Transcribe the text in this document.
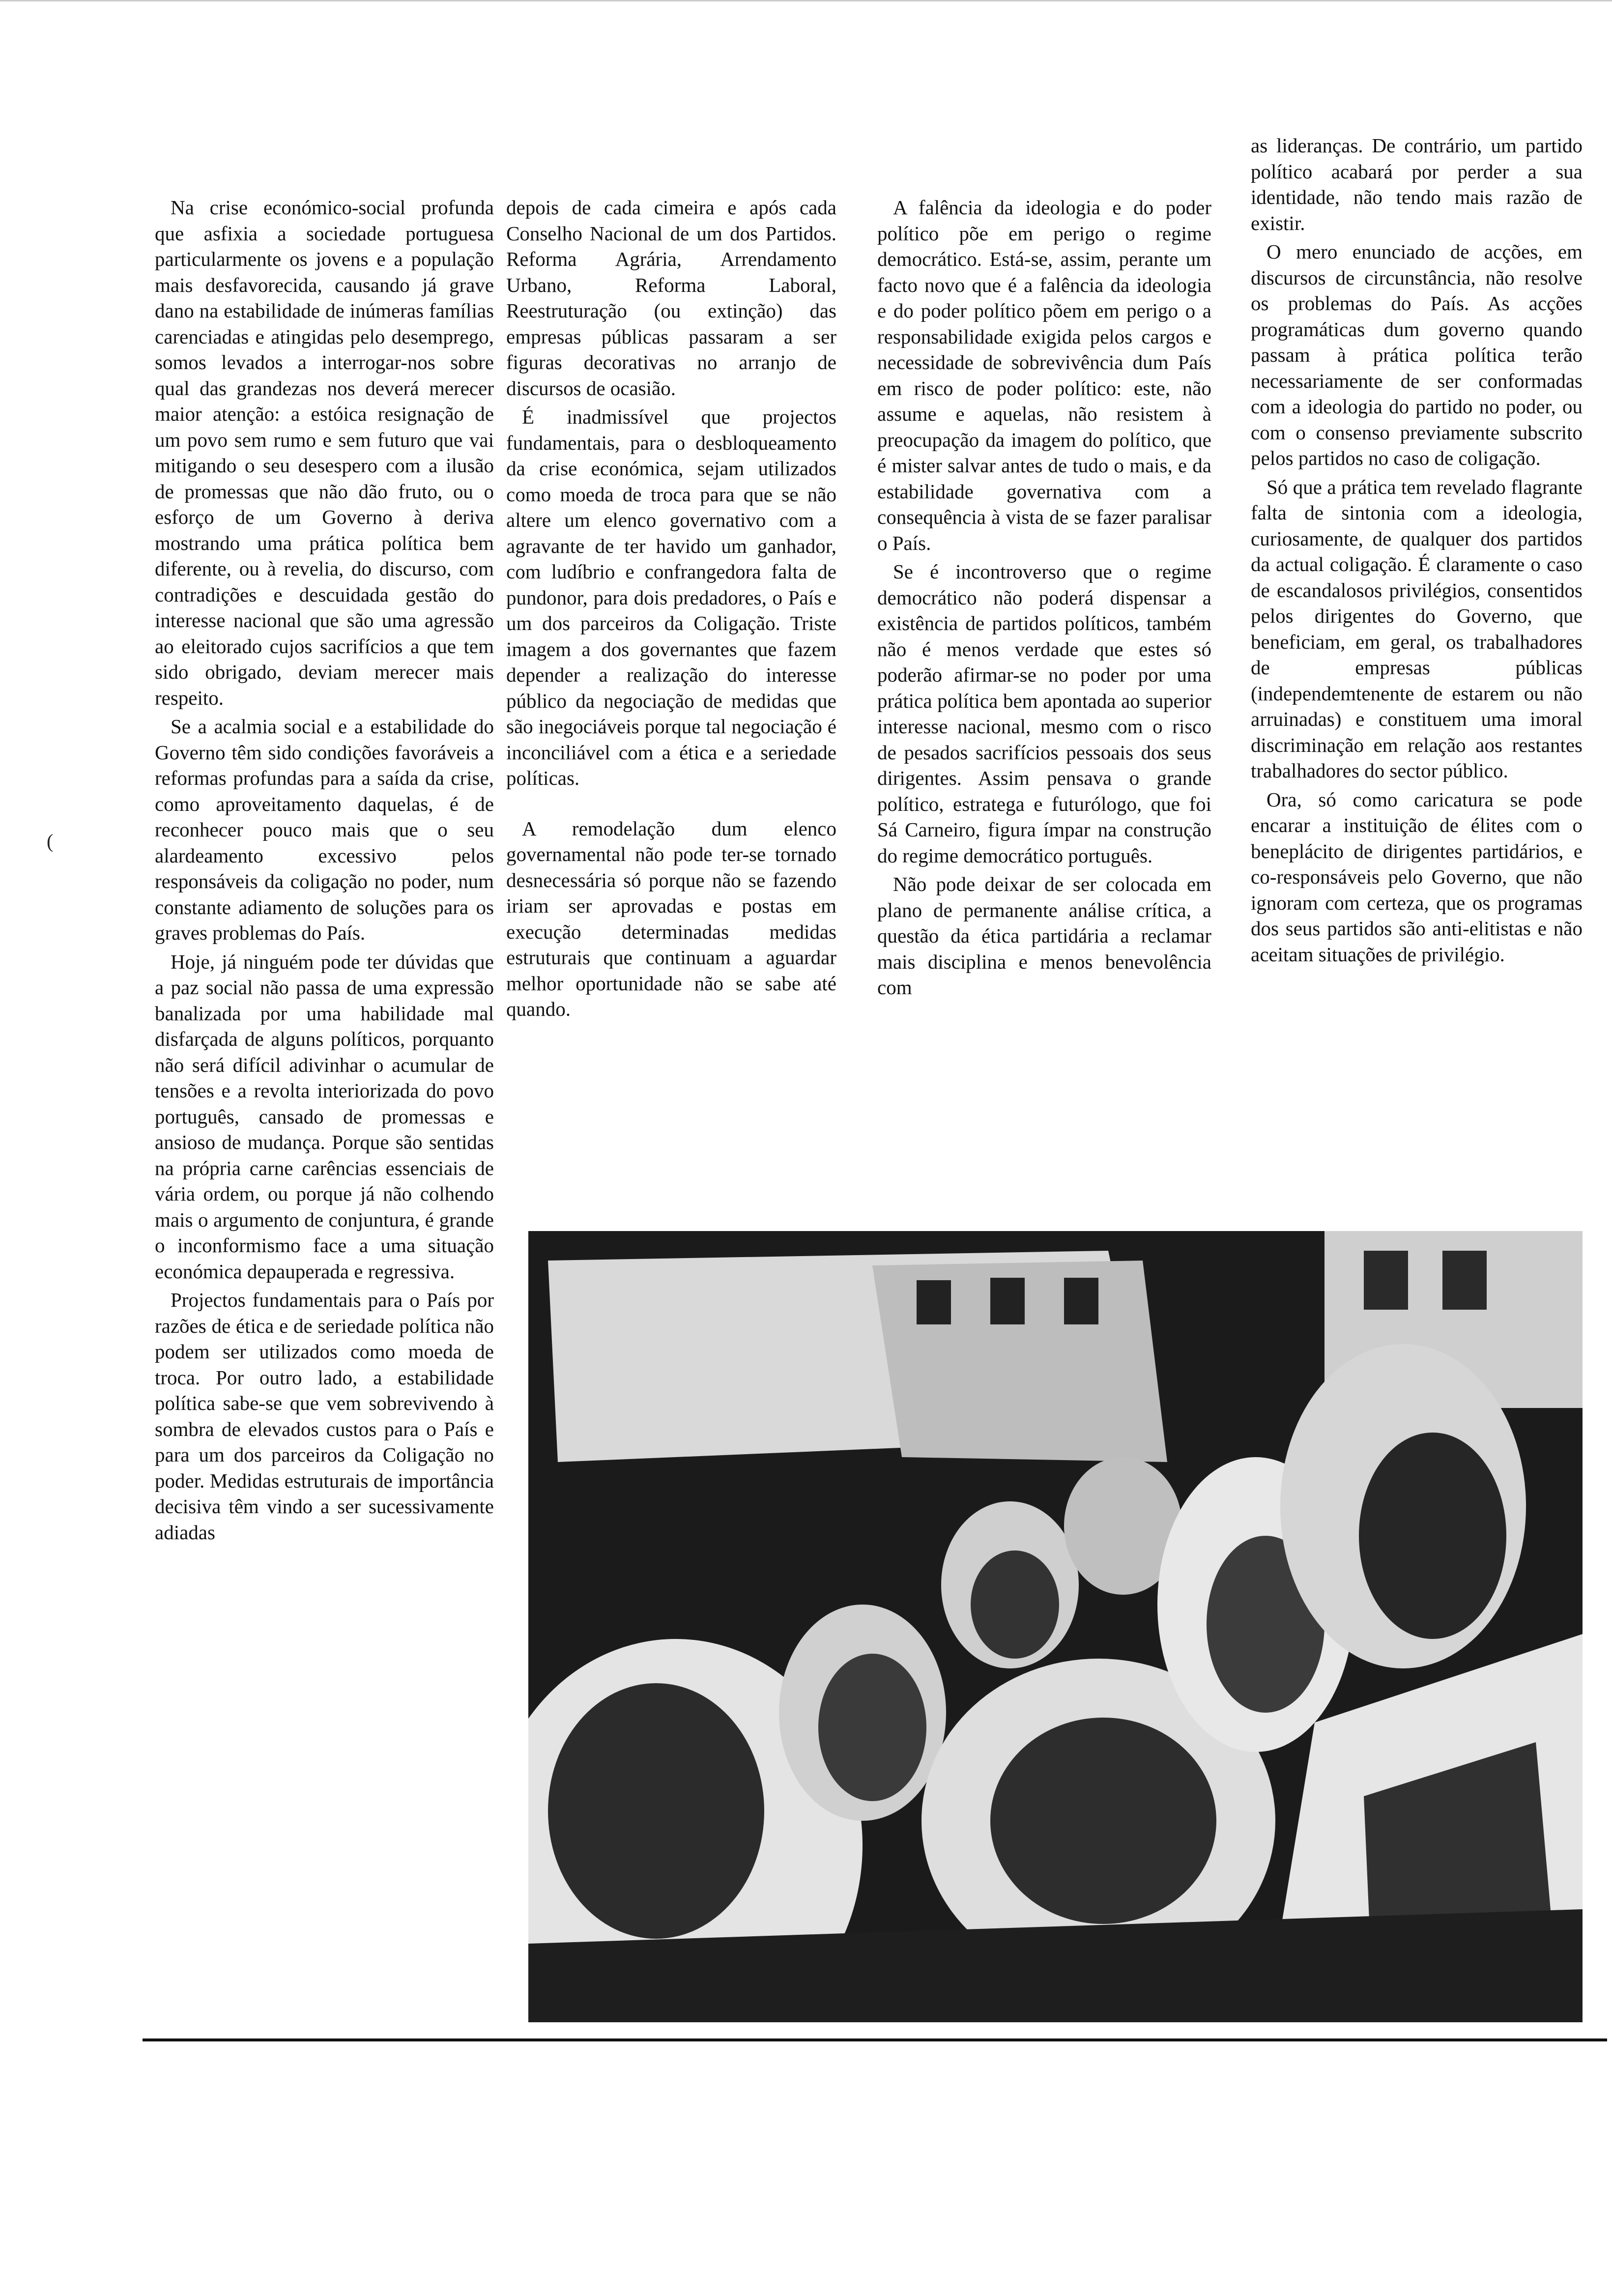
(

Na crise económico-social profunda que asfixia a sociedade portuguesa particularmente os jovens e a população mais desfavorecida, causando já grave dano na estabilidade de inúmeras famílias carenciadas e atingidas pelo desemprego, somos levados a interrogar-nos sobre qual das grandezas nos deverá merecer maior atenção: a estóica resignação de um povo sem rumo e sem futuro que vai mitigando o seu desespero com a ilusão de promessas que não dão fruto, ou o esforço de um Governo à deriva mostrando uma prática política bem diferente, ou à revelia, do discurso, com contradições e descuidada gestão do interesse nacional que são uma agressão ao eleitorado cujos sacrifícios a que tem sido obrigado, deviam merecer mais respeito.

Se a acalmia social e a estabilidade do Governo têm sido condições favoráveis a reformas profundas para a saída da crise, como aproveitamento daquelas, é de reconhecer pouco mais que o seu alardeamento excessivo pelos responsáveis da coligação no poder, num constante adiamento de soluções para os graves problemas do País.

Hoje, já ninguém pode ter dúvidas que a paz social não passa de uma expressão banalizada por uma habilidade mal disfarçada de alguns políticos, porquanto não será difícil adivinhar o acumular de tensões e a revolta interiorizada do povo português, cansado de promessas e ansioso de mudança. Porque são sentidas na própria carne carências essenciais de vária ordem, ou porque já não colhendo mais o argumento de conjuntura, é grande o inconformismo face a uma situação económica depauperada e regressiva.

Projectos fundamentais para o País por razões de ética e de seriedade política não podem ser utilizados como moeda de troca. Por outro lado, a estabilidade política sabe-se que vem sobrevivendo à sombra de elevados custos para o País e para um dos parceiros da Coligação no poder. Medidas estruturais de importância decisiva têm vindo a ser sucessivamente adiadas

depois de cada cimeira e após cada Conselho Nacional de um dos Partidos. Reforma Agrária, Arrendamento Urbano, Reforma Laboral, Reestruturação (ou extinção) das empresas públicas passaram a ser figuras decorativas no arranjo de discursos de ocasião.

É inadmissível que projectos fundamentais, para o desbloqueamento da crise económica, sejam utilizados como moeda de troca para que se não altere um elenco governativo com a agravante de ter havido um ganhador, com ludíbrio e confrangedora falta de pundonor, para dois predadores, o País e um dos parceiros da Coligação. Triste imagem a dos governantes que fazem depender a realização do interesse público da negociação de medidas que são inegociáveis porque tal negociação é inconciliável com a ética e a seriedade políticas.

A remodelação dum elenco governamental não pode ter-se tornado desnecessária só porque não se fazendo iriam ser aprovadas e postas em execução determinadas medidas estruturais que continuam a aguardar melhor oportunidade não se sabe até quando.

A falência da ideologia e do poder político põe em perigo o regime democrático. Está-se, assim, perante um facto novo que é a falência da ideologia e do poder político põem em perigo o a responsabilidade exigida pelos cargos e necessidade de sobrevivência dum País em risco de poder político: este, não assume e aquelas, não resistem à preocupação da imagem do político, que é mister salvar antes de tudo o mais, e da estabilidade governativa com a consequência à vista de se fazer paralisar o País.

Se é incontroverso que o regime democrático não poderá dispensar a existência de partidos políticos, também não é menos verdade que estes só poderão afirmar-se no poder por uma prática política bem apontada ao superior interesse nacional, mesmo com o risco de pesados sacrifícios pessoais dos seus dirigentes. Assim pensava o grande político, estratega e futurólogo, que foi Sá Carneiro, figura ímpar na construção do regime democrático português.

Não pode deixar de ser colocada em plano de permanente análise crítica, a questão da ética partidária a reclamar mais disciplina e menos benevolência com

as lideranças. De contrário, um partido político acabará por perder a sua identidade, não tendo mais razão de existir.

O mero enunciado de acções, em discursos de circunstância, não resolve os problemas do País. As acções programáticas dum governo quando passam à prática política terão necessariamente de ser conformadas com a ideologia do partido no poder, ou com o consenso previamente subscrito pelos partidos no caso de coligação.

Só que a prática tem revelado flagrante falta de sintonia com a ideologia, curiosamente, de qualquer dos partidos da actual coligação. É claramente o caso de escandalosos privilégios, consentidos pelos dirigentes do Governo, que beneficiam, em geral, os trabalhadores de empresas públicas (independemtenente de estarem ou não arruinadas) e constituem uma imoral discriminação em relação aos restantes trabalhadores do sector público.

Ora, só como caricatura se pode encarar a instituição de élites com o beneplácito de dirigentes partidários, e co-responsáveis pelo Governo, que não ignoram com certeza, que os programas dos seus partidos são anti-elitistas e não aceitam situações de privilégio.
